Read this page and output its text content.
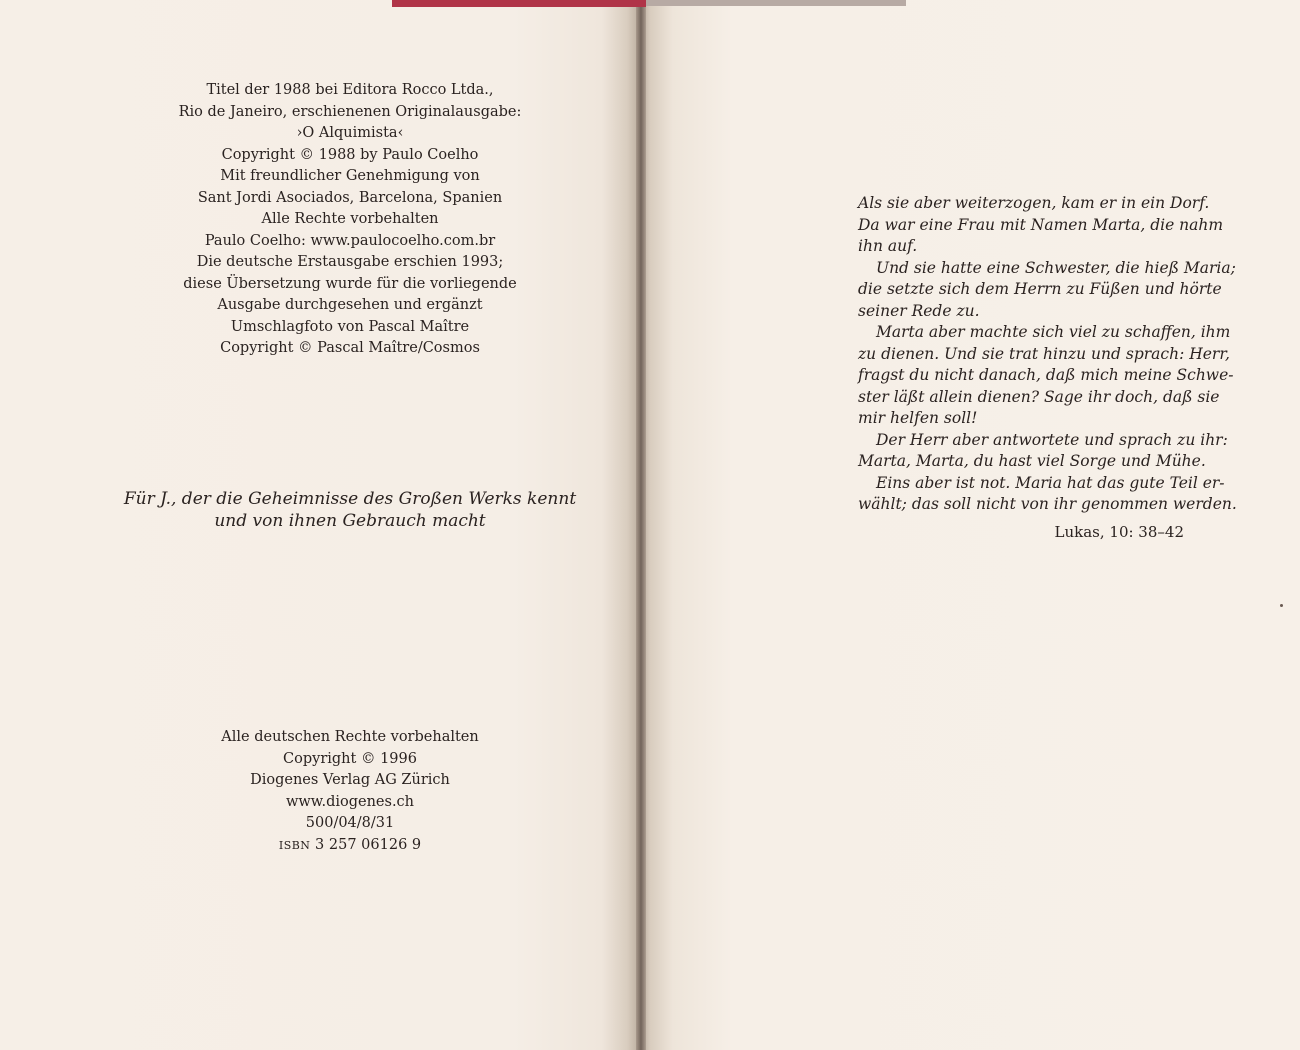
Titel der 1988 bei Editora Rocco Ltda.,
Rio de Janeiro, erschienenen Originalausgabe:
›O Alquimista‹
Copyright © 1988 by Paulo Coelho
Mit freundlicher Genehmigung von
Sant Jordi Asociados, Barcelona, Spanien
Alle Rechte vorbehalten
Paulo Coelho: www.paulocoelho.com.br
Die deutsche Erstausgabe erschien 1993;
diese Übersetzung wurde für die vorliegende
Ausgabe durchgesehen und ergänzt
Umschlagfoto von Pascal Maître
Copyright © Pascal Maître/Cosmos
Für J., der die Geheimnisse des Großen Werks kennt
und von ihnen Gebrauch macht
Alle deutschen Rechte vorbehalten
Copyright © 1996
Diogenes Verlag AG Zürich
www.diogenes.ch
500/04/8/31
ISBN 3 257 06126 9
Als sie aber weiterzogen, kam er in ein Dorf.
Da war eine Frau mit Namen Marta, die nahm
ihn auf.
Und sie hatte eine Schwester, die hieß Maria;
die setzte sich dem Herrn zu Füßen und hörte
seiner Rede zu.
Marta aber machte sich viel zu schaffen, ihm
zu dienen. Und sie trat hinzu und sprach: Herr,
fragst du nicht danach, daß mich meine Schwe-
ster läßt allein dienen? Sage ihr doch, daß sie
mir helfen soll!
Der Herr aber antwortete und sprach zu ihr:
Marta, Marta, du hast viel Sorge und Mühe.
Eins aber ist not. Maria hat das gute Teil er-
wählt; das soll nicht von ihr genommen werden.
Lukas, 10: 38–42
